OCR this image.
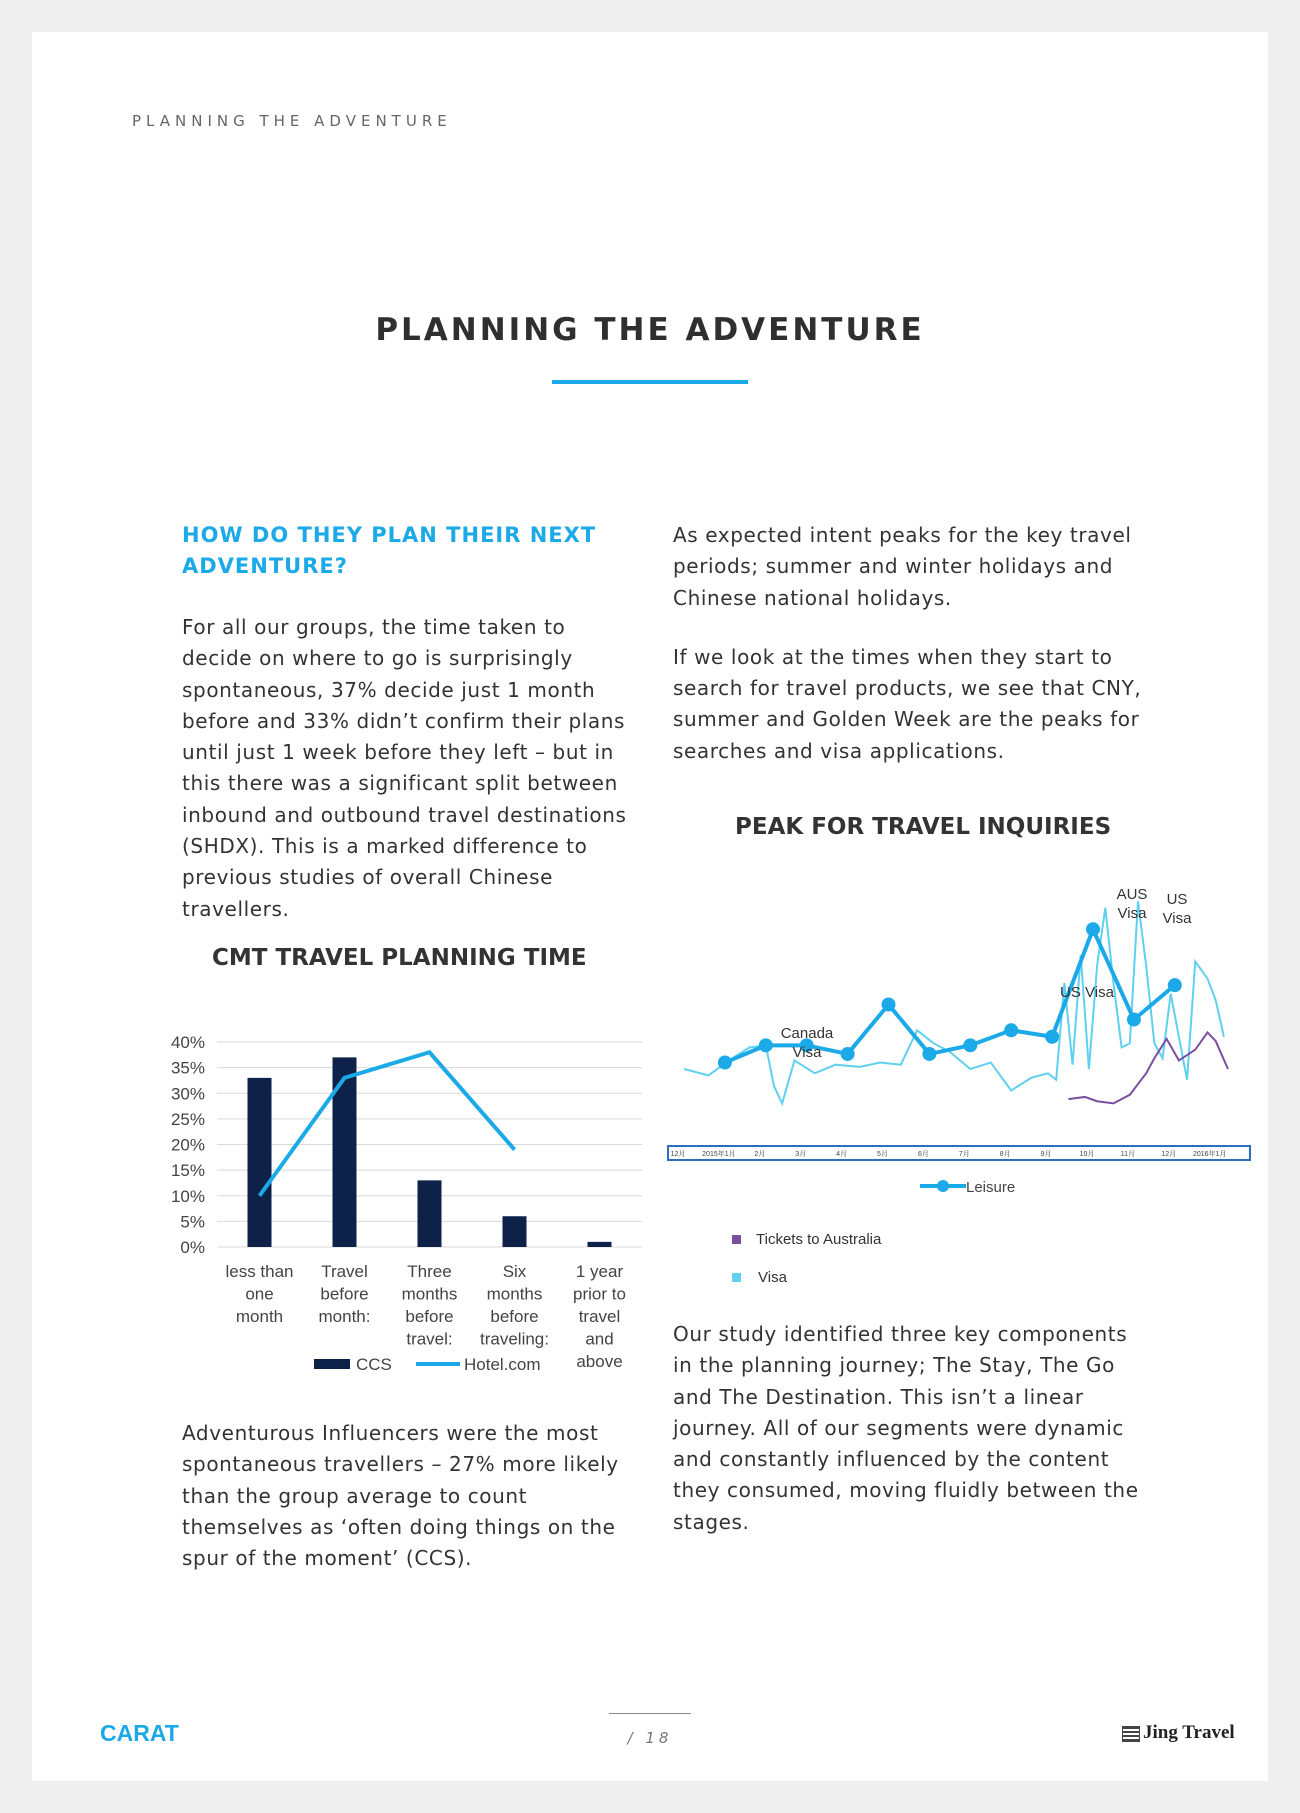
PLANNING THE ADVENTURE
PLANNING THE ADVENTURE
HOW DO THEY PLAN THEIR NEXT ADVENTURE?

For all our groups, the time taken to decide on where to go is surprisingly spontaneous, 37% decide just 1 month before and 33% didn’t confirm their plans until just 1 week before they left – but in this there was a significant split between inbound and outbound travel destinations (SHDX). This is a marked difference to previous studies of overall Chinese travellers.

CMT TRAVEL PLANNING TIME
0%
5%
10%
15%
20%
25%
30%
35%
40%
less than
one
month
Travel
before
month:
Three
months
before
travel:
Six
months
before
traveling:
1 year
prior to
travel
and
above
CCS	Hotel.com

Adventurous Influencers were the most spontaneous travellers – 27% more likely than the group average to count themselves as ‘often doing things on the spur of the moment’ (CCS).

As expected intent peaks for the key travel periods; summer and winter holidays and Chinese national holidays.

If we look at the times when they start to search for travel products, we see that CNY, summer and Golden Week are the peaks for searches and visa applications.

PEAK FOR TRAVEL INQUIRIES
12月 2015年1月	2月	3月	4月	5月	6月	7月	8月	9月	10月	11月	12月 2016年1月
Canada
Visa
US Visa
AUS
Visa
US
Visa
Leisure
Tickets to Australia
Visa

Our study identified three key components in the planning journey; The Stay, The Go and The Destination. This isn’t a linear journey. All of our segments were dynamic and constantly influenced by the content they consumed, moving fluidly between the stages.

/ 18
CARAT	Jing Travel
